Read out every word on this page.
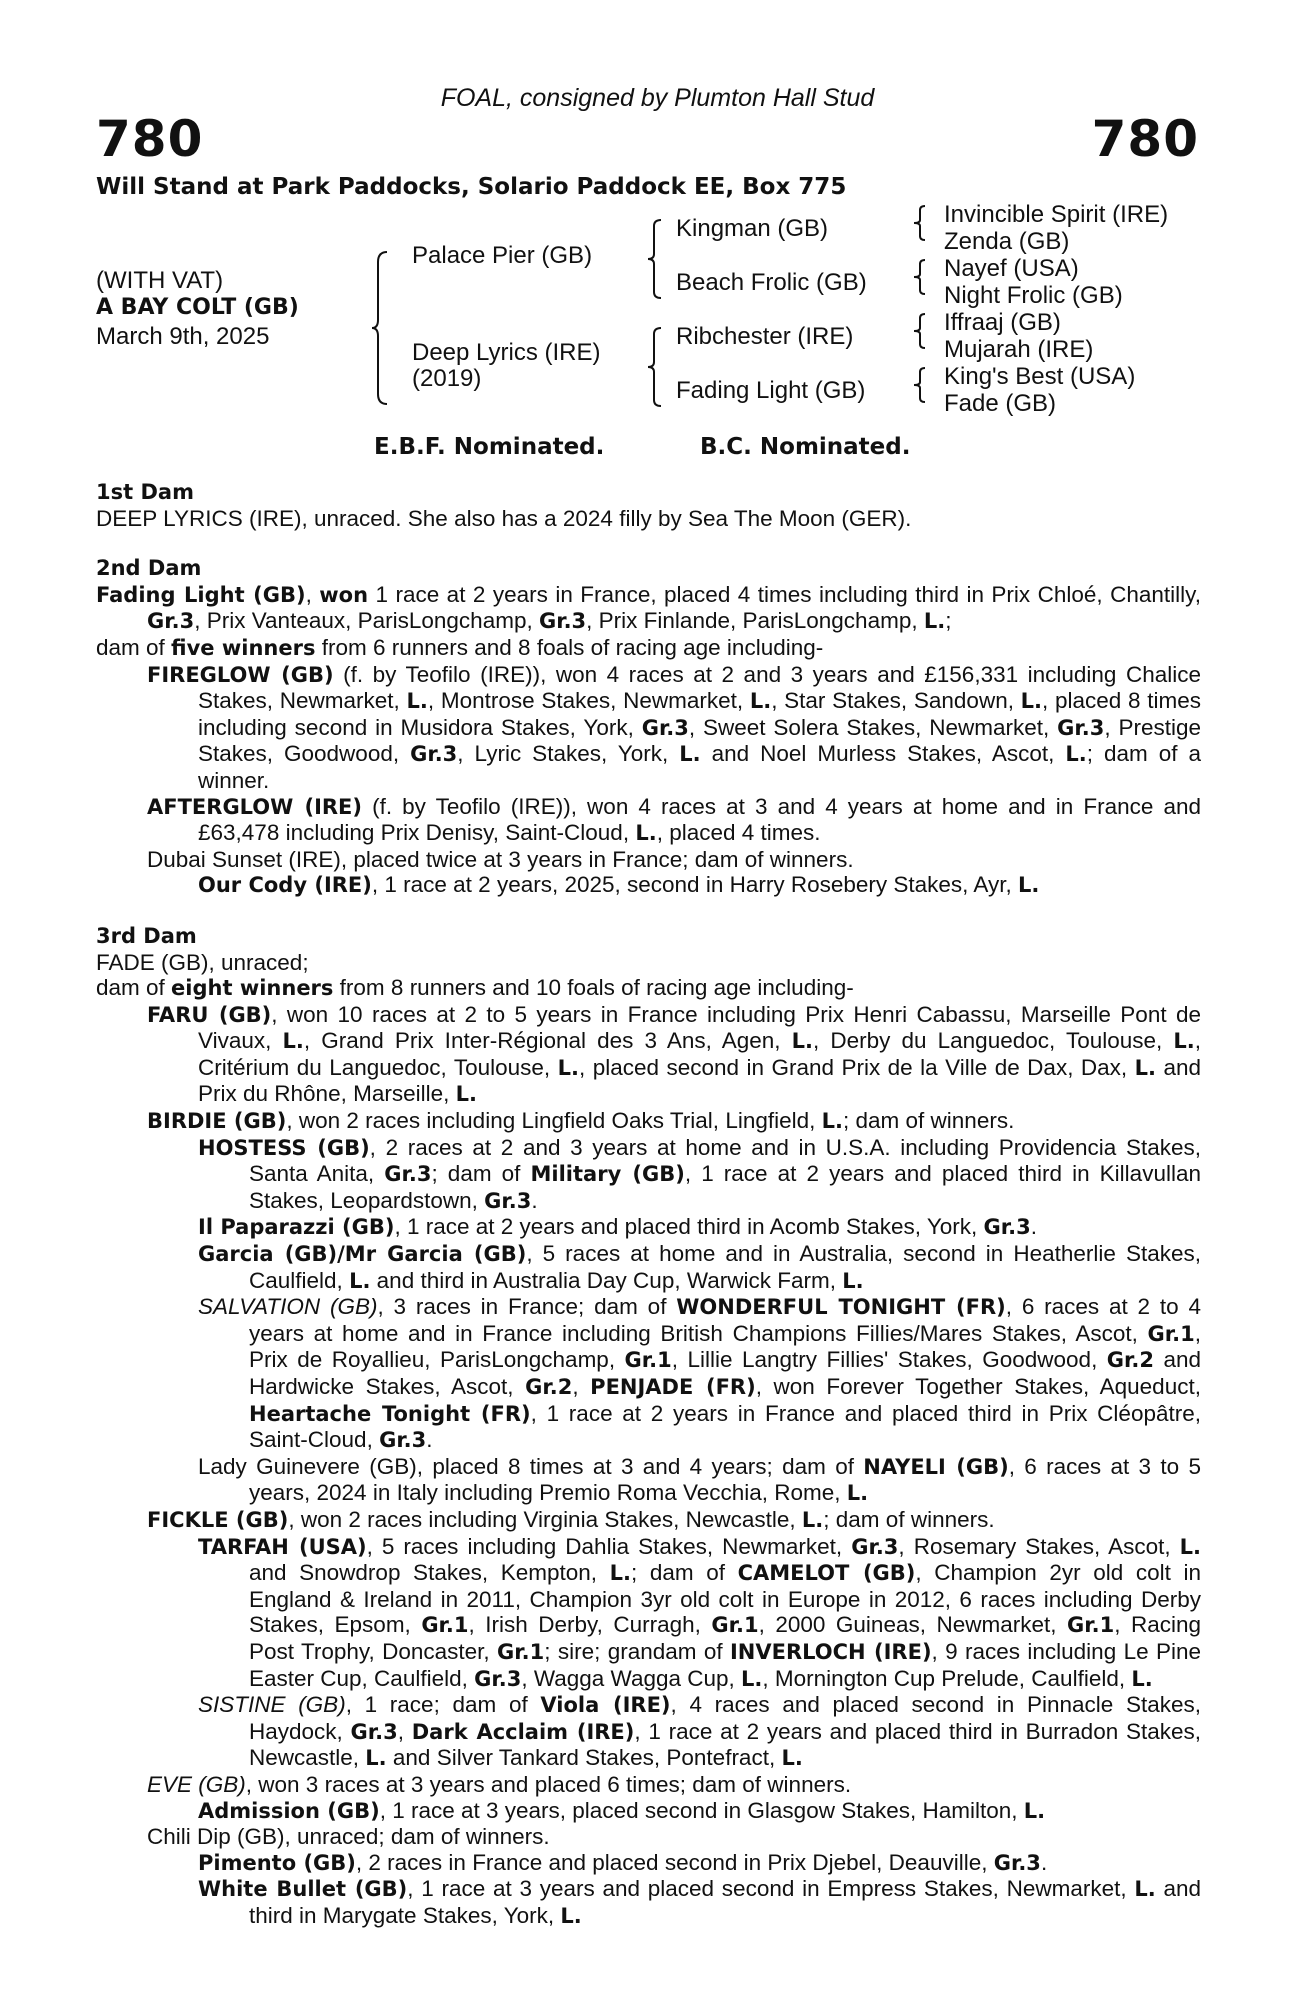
FOAL, consigned by Plumton Hall Stud
780	780
Will Stand at Park Paddocks, Solario Paddock EE, Box 775
(WITH VAT)
A BAY COLT (GB)
March 9th, 2025
Palace Pier (GB)
Deep Lyrics (IRE)
(2019)
Kingman (GB)
Beach Frolic (GB)
Ribchester (IRE)
Fading Light (GB)
Invincible Spirit (IRE)
Zenda (GB)
Nayef (USA)
Night Frolic (GB)
Iffraaj (GB)
Mujarah (IRE)
King's Best (USA)
Fade (GB)
E.B.F. Nominated.	B.C. Nominated.
1st Dam
DEEP LYRICS (IRE), unraced. She also has a 2024 filly by Sea The Moon (GER).
2nd Dam
Fading Light (GB), won 1 race at 2 years in France, placed 4 times including third in Prix Chloé, Chantilly, Gr.3, Prix Vanteaux, ParisLongchamp, Gr.3, Prix Finlande, ParisLongchamp, L.;
dam of five winners from 6 runners and 8 foals of racing age including-
FIREGLOW (GB) (f. by Teofilo (IRE)), won 4 races at 2 and 3 years and £156,331 including Chalice Stakes, Newmarket, L., Montrose Stakes, Newmarket, L., Star Stakes, Sandown, L., placed 8 times including second in Musidora Stakes, York, Gr.3, Sweet Solera Stakes, Newmarket, Gr.3, Prestige Stakes, Goodwood, Gr.3, Lyric Stakes, York, L. and Noel Murless Stakes, Ascot, L.; dam of a winner.
AFTERGLOW (IRE) (f. by Teofilo (IRE)), won 4 races at 3 and 4 years at home and in France and £63,478 including Prix Denisy, Saint-Cloud, L., placed 4 times.
Dubai Sunset (IRE), placed twice at 3 years in France; dam of winners.
Our Cody (IRE), 1 race at 2 years, 2025, second in Harry Rosebery Stakes, Ayr, L.
3rd Dam
FADE (GB), unraced;
dam of eight winners from 8 runners and 10 foals of racing age including-
FARU (GB), won 10 races at 2 to 5 years in France including Prix Henri Cabassu, Marseille Pont de Vivaux, L., Grand Prix Inter-Régional des 3 Ans, Agen, L., Derby du Languedoc, Toulouse, L., Critérium du Languedoc, Toulouse, L., placed second in Grand Prix de la Ville de Dax, Dax, L. and Prix du Rhône, Marseille, L.
BIRDIE (GB), won 2 races including Lingfield Oaks Trial, Lingfield, L.; dam of winners.
HOSTESS (GB), 2 races at 2 and 3 years at home and in U.S.A. including Providencia Stakes, Santa Anita, Gr.3; dam of Military (GB), 1 race at 2 years and placed third in Killavullan Stakes, Leopardstown, Gr.3.
Il Paparazzi (GB), 1 race at 2 years and placed third in Acomb Stakes, York, Gr.3.
Garcia (GB)/Mr Garcia (GB), 5 races at home and in Australia, second in Heatherlie Stakes, Caulfield, L. and third in Australia Day Cup, Warwick Farm, L.
SALVATION (GB), 3 races in France; dam of WONDERFUL TONIGHT (FR), 6 races at 2 to 4 years at home and in France including British Champions Fillies/Mares Stakes, Ascot, Gr.1, Prix de Royallieu, ParisLongchamp, Gr.1, Lillie Langtry Fillies' Stakes, Goodwood, Gr.2 and Hardwicke Stakes, Ascot, Gr.2, PENJADE (FR), won Forever Together Stakes, Aqueduct, Heartache Tonight (FR), 1 race at 2 years in France and placed third in Prix Cléopâtre, Saint-Cloud, Gr.3.
Lady Guinevere (GB), placed 8 times at 3 and 4 years; dam of NAYELI (GB), 6 races at 3 to 5 years, 2024 in Italy including Premio Roma Vecchia, Rome, L.
FICKLE (GB), won 2 races including Virginia Stakes, Newcastle, L.; dam of winners.
TARFAH (USA), 5 races including Dahlia Stakes, Newmarket, Gr.3, Rosemary Stakes, Ascot, L. and Snowdrop Stakes, Kempton, L.; dam of CAMELOT (GB), Champion 2yr old colt in England & Ireland in 2011, Champion 3yr old colt in Europe in 2012, 6 races including Derby Stakes, Epsom, Gr.1, Irish Derby, Curragh, Gr.1, 2000 Guineas, Newmarket, Gr.1, Racing Post Trophy, Doncaster, Gr.1; sire; grandam of INVERLOCH (IRE), 9 races including Le Pine Easter Cup, Caulfield, Gr.3, Wagga Wagga Cup, L., Mornington Cup Prelude, Caulfield, L.
SISTINE (GB), 1 race; dam of Viola (IRE), 4 races and placed second in Pinnacle Stakes, Haydock, Gr.3, Dark Acclaim (IRE), 1 race at 2 years and placed third in Burradon Stakes, Newcastle, L. and Silver Tankard Stakes, Pontefract, L.
EVE (GB), won 3 races at 3 years and placed 6 times; dam of winners.
Admission (GB), 1 race at 3 years, placed second in Glasgow Stakes, Hamilton, L.
Chili Dip (GB), unraced; dam of winners.
Pimento (GB), 2 races in France and placed second in Prix Djebel, Deauville, Gr.3.
White Bullet (GB), 1 race at 3 years and placed second in Empress Stakes, Newmarket, L. and third in Marygate Stakes, York, L.
